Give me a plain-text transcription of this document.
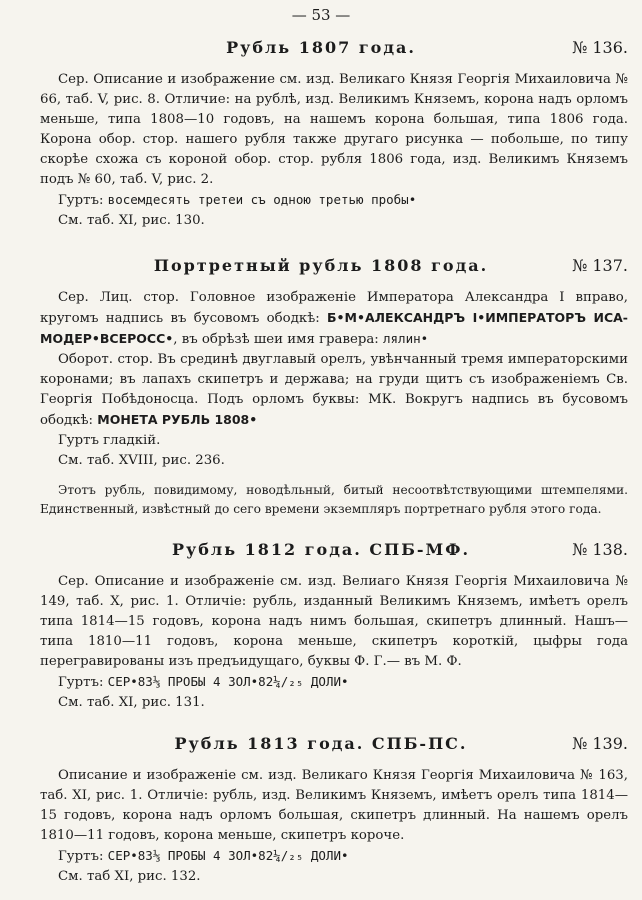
— 53 —
Рубль 1807 года.	№ 136.

Сер. Описание и изображение см. изд. Великаго Князя Георгія Михаиловича № 66, таб. V, рис. 8. Отличие: на рублѣ, изд. Великимъ Княземъ, корона надъ орломъ меньше, типа 1808—10 годовъ, на нашемъ корона большая, типа 1806 года. Корона обор. стор. нашего рубля также другаго рисунка — побольше, по типу скорѣе схожа съ короной обор. стор. рубля 1806 года, изд. Великимъ Княземъ подъ № 60, таб. V, рис. 2.

Гуртъ: восемдесять третеи съ одною третью пробы•
См. таб. XI, рис. 130.
Портретный рубль 1808 года.	№ 137.

Сер. Лиц. стор. Головное изображеніе Императора Александра I вправо, кругомъ надпись въ бусовомъ ободкѣ: Б•М•АЛЕКСАНДРЪ I•ИМПЕРАТОРЪ ИСА-МОДЕР•ВСЕРОСС•, въ обрѣзѣ шеи имя гравера: лялин•

Оборот. стор. Въ срединѣ двуглавый орелъ, увѣнчанный тремя императорскими коронами; въ лапахъ скипетръ и держава; на груди щитъ съ изображеніемъ Св. Георгія Побѣдоносца. Подъ орломъ буквы: МК. Вокругъ надпись въ бусовомъ ободкѣ: МОНЕТА РУБЛЬ 1808•

Гуртъ гладкій.
См. таб. XVIII, рис. 236.

Этотъ рубль, повидимому, новодѣльный, битый несоотвѣтствующими штемпелями. Единственный, извѣстный до сего времени экземпляръ портретнаго рубля этого года.

Рубль 1812 года. СПБ-МФ.	№ 138.

Сер. Описание и изображеніе см. изд. Велиаго Князя Георгія Михаиловича № 149, таб. X, рис. 1. Отличіе: рубль, изданный Великимъ Княземъ, имѣетъ орелъ типа 1814—15 годовъ, корона надъ нимъ большая, скипетръ длинный. Нашъ—типа 1810—11 годовъ, корона меньше, скипетръ короткій, цыфры года перегравированы изъ предъидущаго, буквы Ф. Г.— въ М. Ф.

Гуртъ: СЕР•83⅓ ПРОБЫ 4 ЗОЛ•82¼/₂₅ ДОЛИ•
См. таб. XI, рис. 131.
Рубль 1813 года. СПБ-ПС.	№ 139.

Описание и изображеніе см. изд. Великаго Князя Георгія Михаиловича № 163, таб. XI, рис. 1. Отличіе: рубль, изд. Великимъ Княземъ, имѣетъ орелъ типа 1814—15 годовъ, корона надъ орломъ большая, скипетръ длинный. На нашемъ орелъ 1810—11 годовъ, корона меньше, скипетръ короче.

Гуртъ: СЕР•83⅓ ПРОБЫ 4 ЗОЛ•82¼/₂₅ ДОЛИ•
См. таб XI, рис. 132.
